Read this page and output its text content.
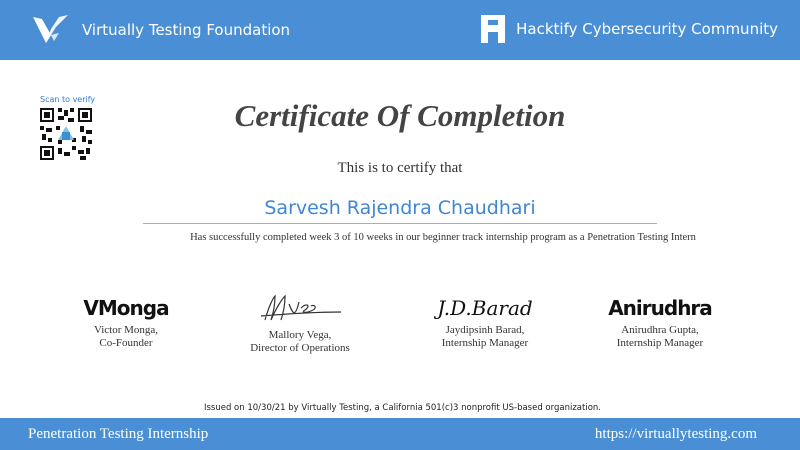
Virtually Testing Foundation	Hacktify Cybersecurity Community
Scan to verify	Certificate Of Completion
This is to certify that
Sarvesh Rajendra Chaudhari
Has successfully completed week 3 of 10 weeks in our beginner track internship program as a Penetration Testing Intern
VMonga
Victor Monga,
Co-Founder
Mallory Vega,
Director of Operations
J.D.Barad
Jaydipsinh Barad,
Internship Manager
Anirudhra
Anirudhra Gupta,
Internship Manager
Issued on 10/30/21 by Virtually Testing, a California 501(c)3 nonprofit US-based organization.
Penetration Testing Internship	https://virtuallytesting.com
